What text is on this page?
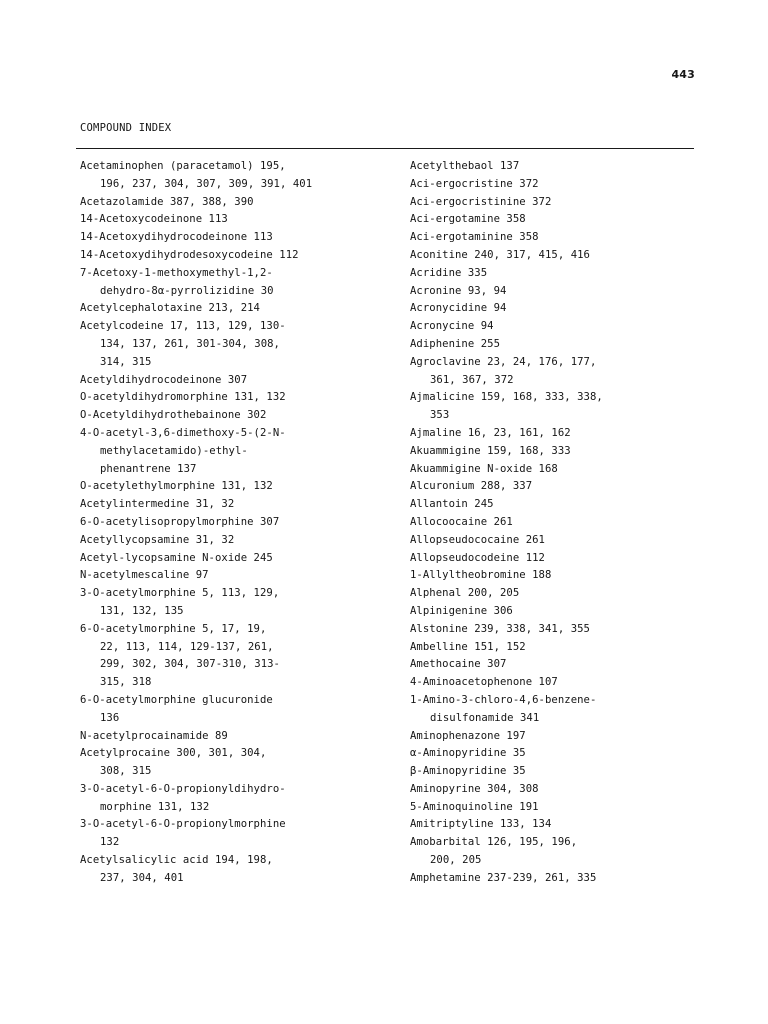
443
COMPOUND INDEX
Acetaminophen (paracetamol) 195,
196, 237, 304, 307, 309, 391, 401
Acetazolamide 387, 388, 390
14-Acetoxycodeinone 113
14-Acetoxydihydrocodeinone 113
14-Acetoxydihydrodesoxycodeine 112
7-Acetoxy-1-methoxymethyl-1,2-
dehydro-8α-pyrrolizidine 30
Acetylcephalotaxine 213, 214
Acetylcodeine 17, 113, 129, 130-
134, 137, 261, 301-304, 308,
314, 315
Acetyldihydrocodeinone 307
O-acetyldihydromorphine 131, 132
O-Acetyldihydrothebainone 302
4-O-acetyl-3,6-dimethoxy-5-(2-N-
methylacetamido)-ethyl-
phenantrene 137
O-acetylethylmorphine 131, 132
Acetylintermedine 31, 32
6-O-acetylisopropylmorphine 307
Acetyllycopsamine 31, 32
Acetyl-lycopsamine N-oxide 245
N-acetylmescaline 97
3-O-acetylmorphine 5, 113, 129,
131, 132, 135
6-O-acetylmorphine 5, 17, 19,
22, 113, 114, 129-137, 261,
299, 302, 304, 307-310, 313-
315, 318
6-O-acetylmorphine glucuronide
136
N-acetylprocainamide 89
Acetylprocaine 300, 301, 304,
308, 315
3-O-acetyl-6-O-propionyldihydro-
morphine 131, 132
3-O-acetyl-6-O-propionylmorphine
132
Acetylsalicylic acid 194, 198,
237, 304, 401
Acetylthebaol 137
Aci-ergocristine 372
Aci-ergocristinine 372
Aci-ergotamine 358
Aci-ergotaminine 358
Aconitine 240, 317, 415, 416
Acridine 335
Acronine 93, 94
Acronycidine 94
Acronycine 94
Adiphenine 255
Agroclavine 23, 24, 176, 177,
361, 367, 372
Ajmalicine 159, 168, 333, 338,
353
Ajmaline 16, 23, 161, 162
Akuammigine 159, 168, 333
Akuammigine N-oxide 168
Alcuronium 288, 337
Allantoin 245
Allocoocaine 261
Allopseudococaine 261
Allopseudocodeine 112
1-Allyltheobromine 188
Alphenal 200, 205
Alpinigenine 306
Alstonine 239, 338, 341, 355
Ambelline 151, 152
Amethocaine 307
4-Aminoacetophenone 107
1-Amino-3-chloro-4,6-benzene-
disulfonamide 341
Aminophenazone 197
α-Aminopyridine 35
β-Aminopyridine 35
Aminopyrine 304, 308
5-Aminoquinoline 191
Amitriptyline 133, 134
Amobarbital 126, 195, 196,
200, 205
Amphetamine 237-239, 261, 335
